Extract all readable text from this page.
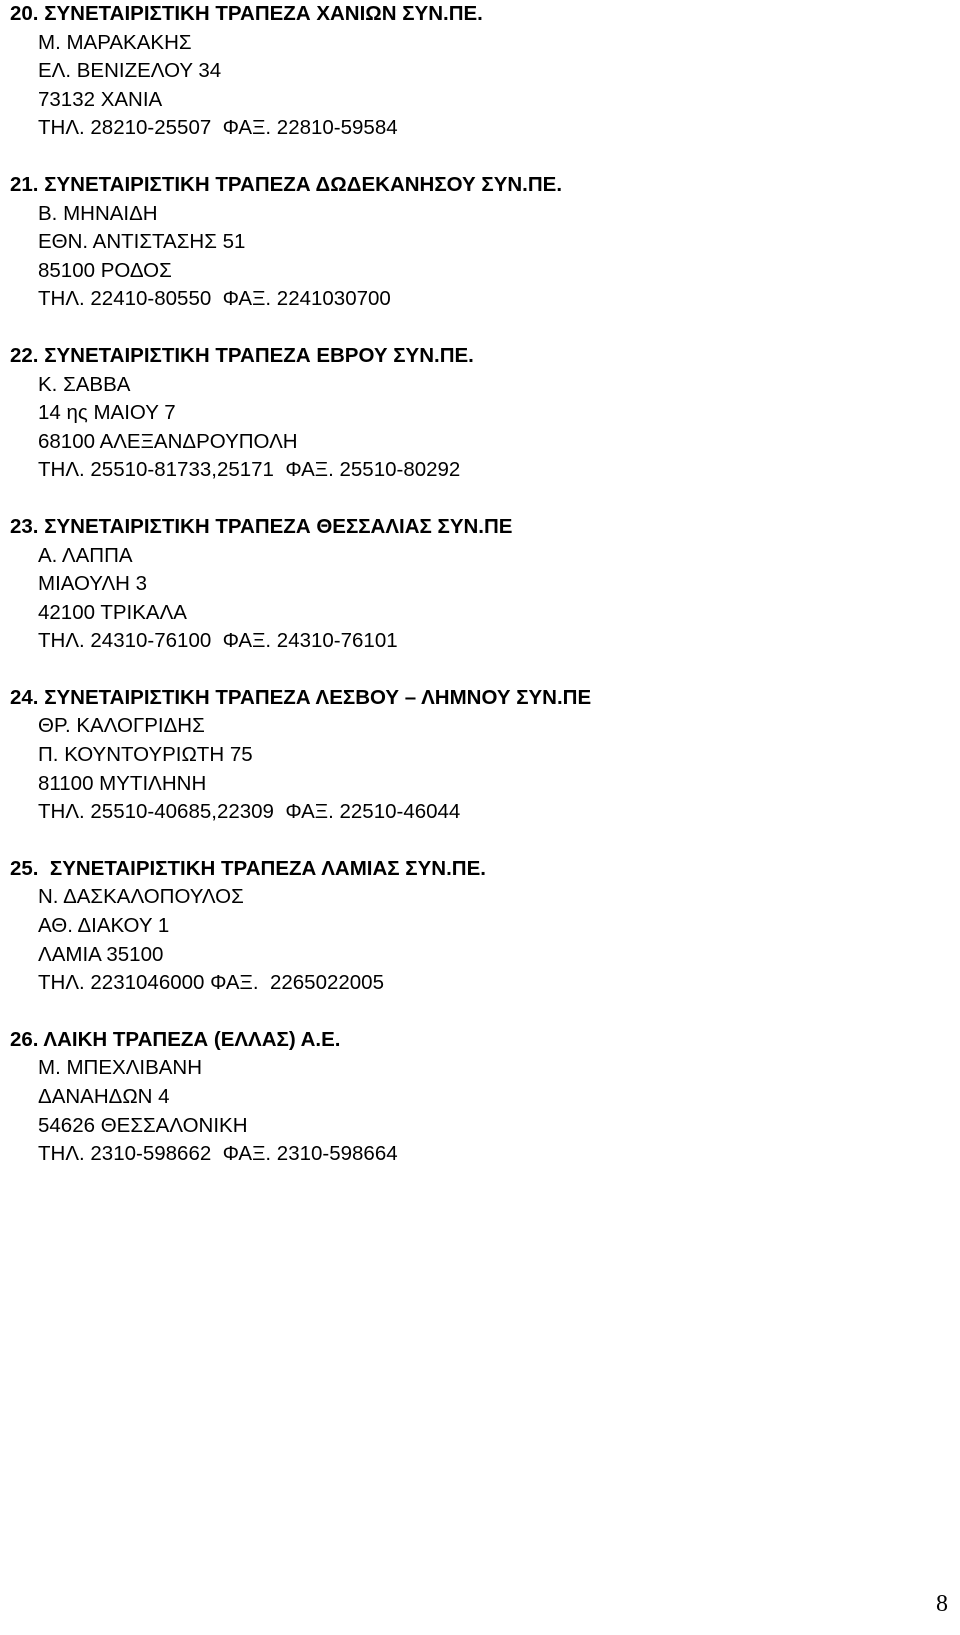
20. ΣΥΝΕΤΑΙΡΙΣΤΙΚΗ ΤΡΑΠΕΖΑ ΧΑΝΙΩΝ ΣΥΝ.ΠΕ.
Μ. ΜΑΡΑΚΑΚΗΣ
ΕΛ. ΒΕΝΙΖΕΛΟΥ 34
73132 ΧΑΝΙΑ
ΤΗΛ. 28210-25507  ΦΑΞ. 22810-59584
21. ΣΥΝΕΤΑΙΡΙΣΤΙΚΗ ΤΡΑΠΕΖΑ ΔΩΔΕΚΑΝΗΣΟΥ ΣΥΝ.ΠΕ.
Β. ΜΗΝΑΙΔΗ
ΕΘΝ. ΑΝΤΙΣΤΑΣΗΣ 51
85100 ΡΟΔΟΣ
ΤΗΛ. 22410-80550  ΦΑΞ. 2241030700
22. ΣΥΝΕΤΑΙΡΙΣΤΙΚΗ ΤΡΑΠΕΖΑ ΕΒΡΟΥ ΣΥΝ.ΠΕ.
Κ. ΣΑΒΒΑ
14 ης ΜΑΙΟΥ 7
68100 ΑΛΕΞΑΝΔΡΟΥΠΟΛΗ
ΤΗΛ. 25510-81733,25171  ΦΑΞ. 25510-80292
23. ΣΥΝΕΤΑΙΡΙΣΤΙΚΗ ΤΡΑΠΕΖΑ ΘΕΣΣΑΛΙΑΣ ΣΥΝ.ΠΕ
Α. ΛΑΠΠΑ
ΜΙΑΟΥΛΗ 3
42100 ΤΡΙΚΑΛΑ
ΤΗΛ. 24310-76100  ΦΑΞ. 24310-76101
24. ΣΥΝΕΤΑΙΡΙΣΤΙΚΗ ΤΡΑΠΕΖΑ ΛΕΣΒΟΥ – ΛΗΜΝΟΥ ΣΥΝ.ΠΕ
ΘΡ. ΚΑΛΟΓΡΙΔΗΣ
Π. ΚΟΥΝΤΟΥΡΙΩΤΗ 75
81100 ΜΥΤΙΛΗΝΗ
ΤΗΛ. 25510-40685,22309  ΦΑΞ. 22510-46044
25.  ΣΥΝΕΤΑΙΡΙΣΤΙΚΗ ΤΡΑΠΕΖΑ ΛΑΜΙΑΣ ΣΥΝ.ΠΕ.
Ν. ΔΑΣΚΑΛΟΠΟΥΛΟΣ
ΑΘ. ΔΙΑΚΟΥ 1
ΛΑΜΙΑ 35100
ΤΗΛ. 2231046000 ΦΑΞ.  2265022005
26. ΛΑΙΚΗ ΤΡΑΠΕΖΑ (ΕΛΛΑΣ) Α.Ε.
Μ. ΜΠΕΧΛΙΒΑΝΗ
ΔΑΝΑΗΔΩΝ 4
54626 ΘΕΣΣΑΛΟΝΙΚΗ
ΤΗΛ. 2310-598662  ΦΑΞ. 2310-598664
8
